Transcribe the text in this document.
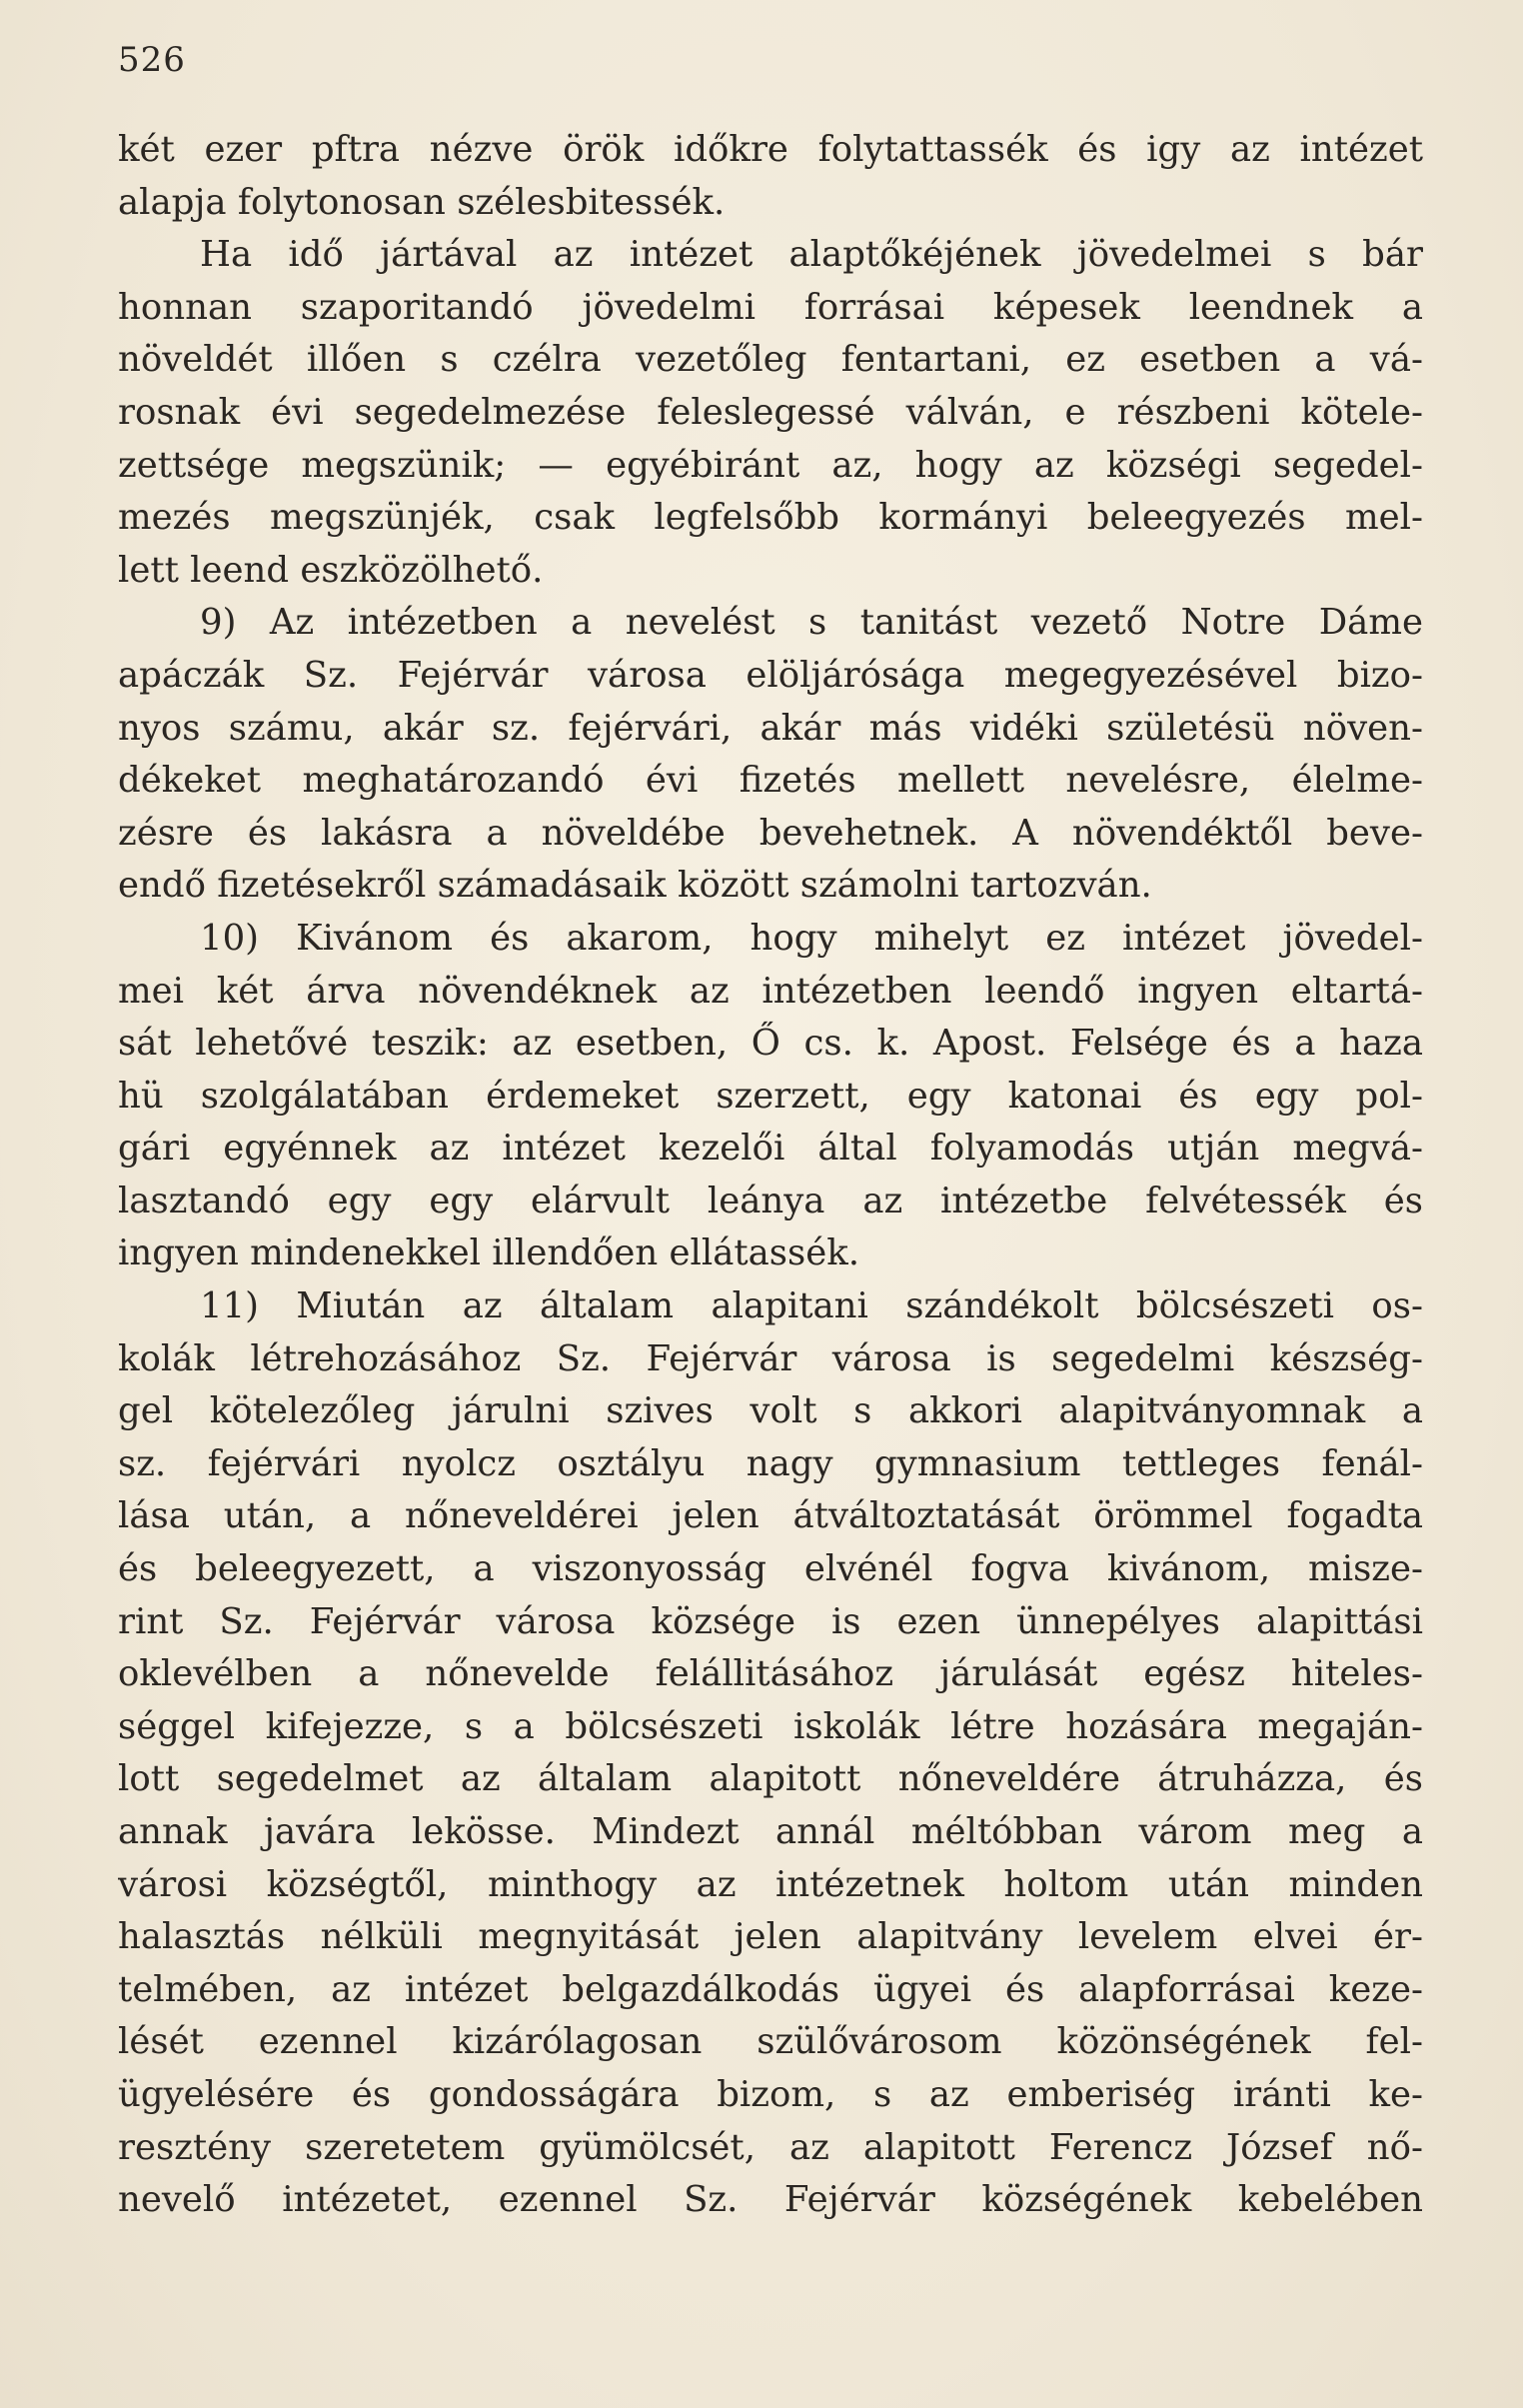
526
két ezer pftra nézve örök időkre folytattassék és igy az intézet
alapja folytonosan szélesbitessék.
Ha idő jártával az intézet alaptőkéjének jövedelmei s bár
honnan szaporitandó jövedelmi forrásai képesek leendnek a
növeldét illően s czélra vezetőleg fentartani, ez esetben a vá-
rosnak évi segedelmezése feleslegessé válván, e részbeni kötele-
zettsége megszünik; — egyébiránt az, hogy az községi segedel-
mezés megszünjék, csak legfelsőbb kormányi beleegyezés mel-
lett leend eszközölhető.
9) Az intézetben a nevelést s tanitást vezető Notre Dáme
apáczák Sz. Fejérvár városa elöljárósága megegyezésével bizo-
nyos számu, akár sz. fejérvári, akár más vidéki születésü növen-
dékeket meghatározandó évi fizetés mellett nevelésre, élelme-
zésre és lakásra a növeldébe bevehetnek. A növendéktől beve-
endő fizetésekről számadásaik között számolni tartozván.
10) Kivánom és akarom, hogy mihelyt ez intézet jövedel-
mei két árva növendéknek az intézetben leendő ingyen eltartá-
sát lehetővé teszik: az esetben, Ő cs. k. Apost. Felsége és a haza
hü szolgálatában érdemeket szerzett, egy katonai és egy pol-
gári egyénnek az intézet kezelői által folyamodás utján megvá-
lasztandó egy egy elárvult leánya az intézetbe felvétessék és
ingyen mindenekkel illendően ellátassék.
11) Miután az általam alapitani szándékolt bölcsészeti os-
kolák létrehozásához Sz. Fejérvár városa is segedelmi készség-
gel kötelezőleg járulni szives volt s akkori alapitványomnak a
sz. fejérvári nyolcz osztályu nagy gymnasium tettleges fenál-
lása után, a nőneveldérei jelen átváltoztatását örömmel fogadta
és beleegyezett, a viszonyosság elvénél fogva kivánom, misze-
rint Sz. Fejérvár városa községe is ezen ünnepélyes alapittási
oklevélben a nőnevelde felállitásához járulását egész hiteles-
séggel kifejezze, s a bölcsészeti iskolák létre hozására megaján-
lott segedelmet az általam alapitott nőneveldére átruházza, és
annak javára lekösse. Mindezt annál méltóbban várom meg a
városi községtől, minthogy az intézetnek holtom után minden
halasztás nélküli megnyitását jelen alapitvány levelem elvei ér-
telmében, az intézet belgazdálkodás ügyei és alapforrásai keze-
lését ezennel kizárólagosan szülővárosom közönségének fel-
ügyelésére és gondosságára bizom, s az emberiség iránti ke-
resztény szeretetem gyümölcsét, az alapitott Ferencz József nő-
nevelő intézetet, ezennel Sz. Fejérvár községének kebelében
